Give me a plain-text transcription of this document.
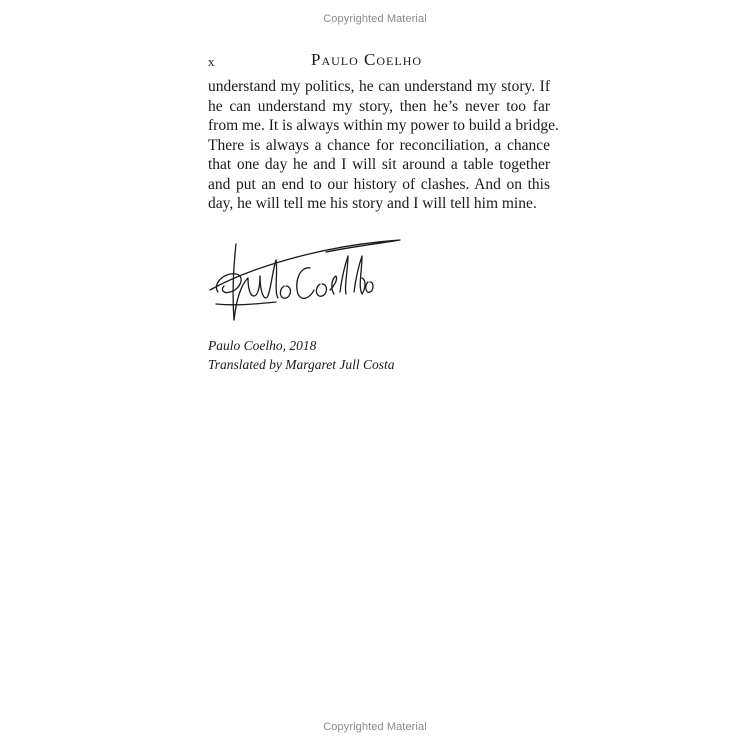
Copyrighted Material
x	Paulo Coelho
understand my politics, he can understand my story. If
he can understand my story, then he’s never too far
from me. It is always within my power to build a bridge.
There is always a chance for reconciliation, a chance
that one day he and I will sit around a table together
and put an end to our history of clashes. And on this
day, he will tell me his story and I will tell him mine.
Paulo Coelho, 2018
Translated by Margaret Jull Costa
Copyrighted Material
